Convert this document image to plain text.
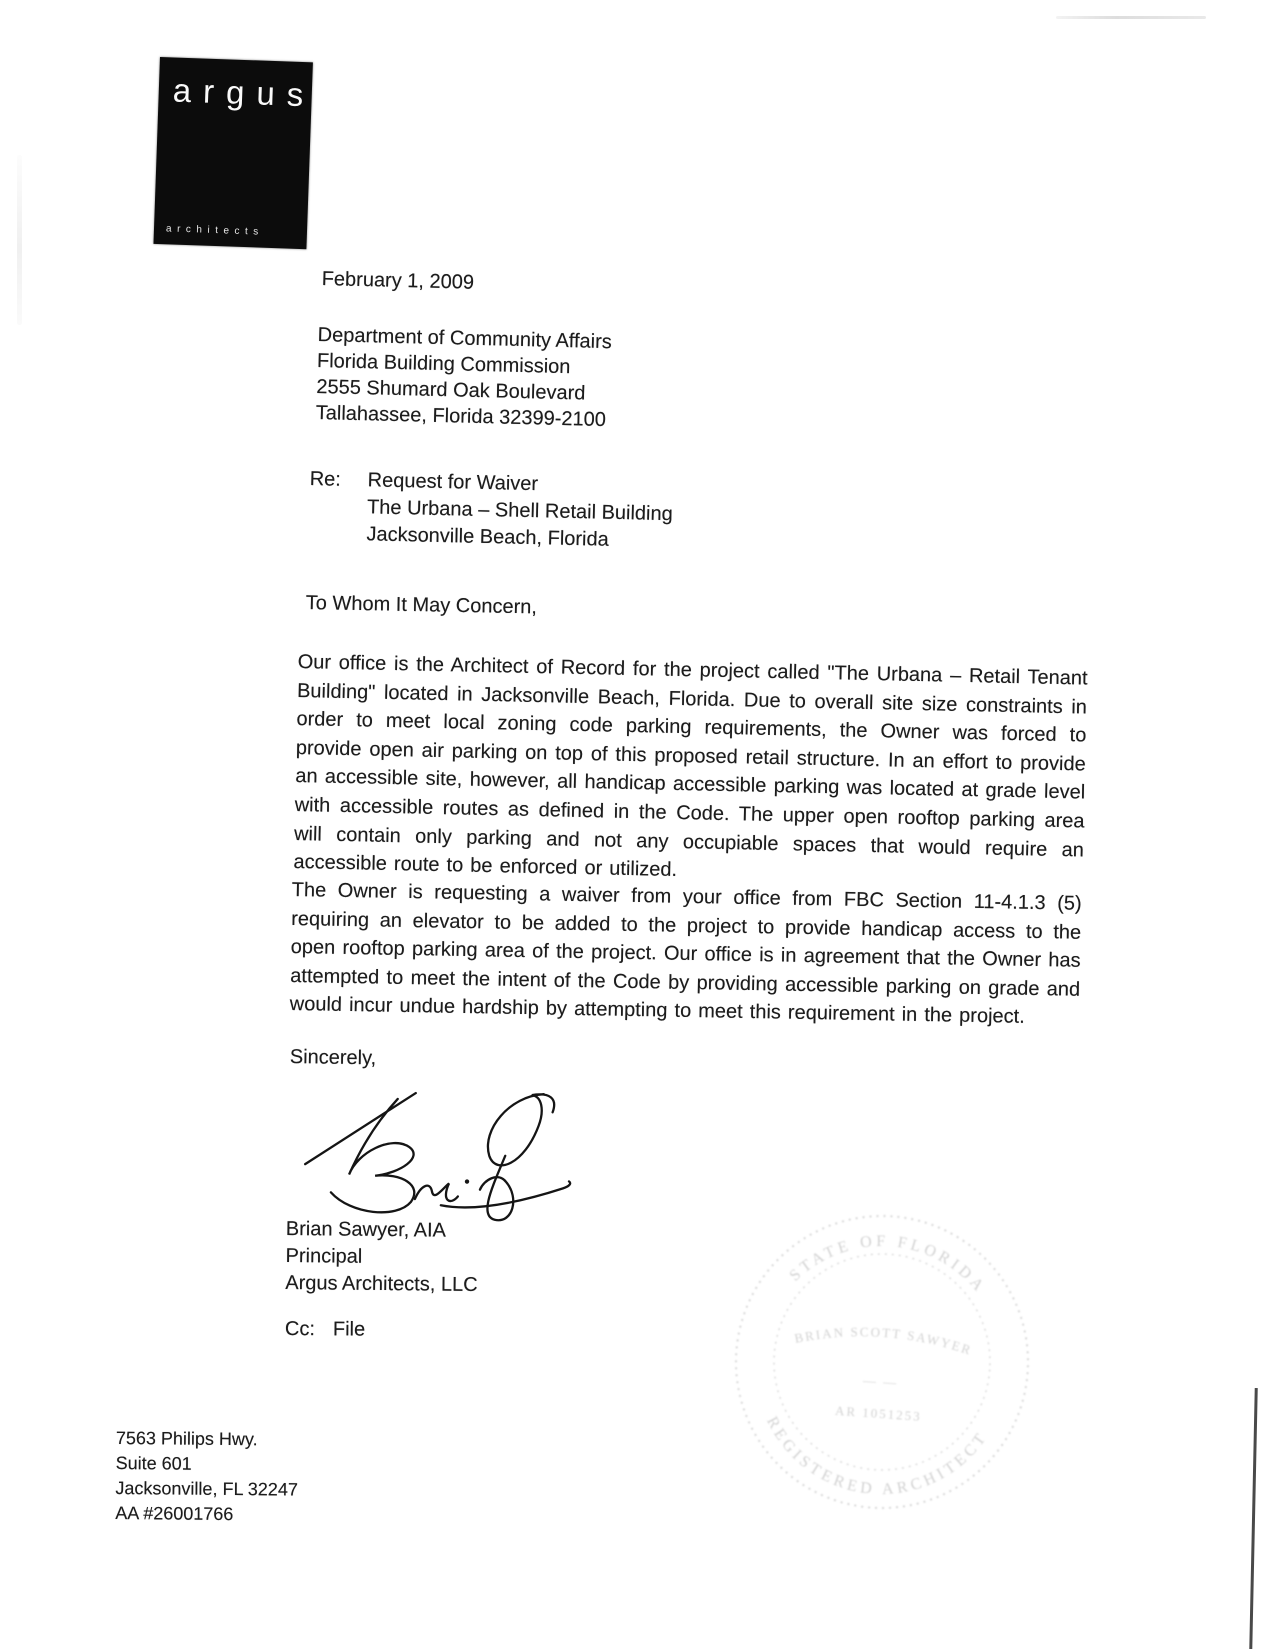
argus
architects
February 1, 2009
Department of Community Affairs
Florida Building Commission
2555 Shumard Oak Boulevard
Tallahassee, Florida 32399-2100
Re:	Request for Waiver
The Urbana – Shell Retail Building
Jacksonville Beach, Florida
To Whom It May Concern,
Our office is the Architect of Record for the project called "The Urbana – Retail Tenant Building" located in Jacksonville Beach, Florida. Due to overall site size constraints in order to meet local zoning code parking requirements, the Owner was forced to provide open air parking on top of this proposed retail structure. In an effort to provide an accessible site, however, all handicap accessible parking was located at grade level with accessible routes as defined in the Code. The upper open rooftop parking area will contain only parking and not any occupiable spaces that would require an accessible route to be enforced or utilized.
The Owner is requesting a waiver from your office from FBC Section 11-4.1.3 (5) requiring an elevator to be added to the project to provide handicap access to the open rooftop parking area of the project. Our office is in agreement that the Owner has attempted to meet the intent of the Code by providing accessible parking on grade and would incur undue hardship by attempting to meet this requirement in the project.
Sincerely,
Brian Sawyer, AIA
Principal
Argus Architects, LLC
Cc: File
STATE OF FLORIDA
BRIAN SCOTT SAWYER
— —
AR 1051253
REGISTERED ARCHITECT
7563 Philips Hwy.
Suite 601
Jacksonville, FL 32247
AA #26001766
